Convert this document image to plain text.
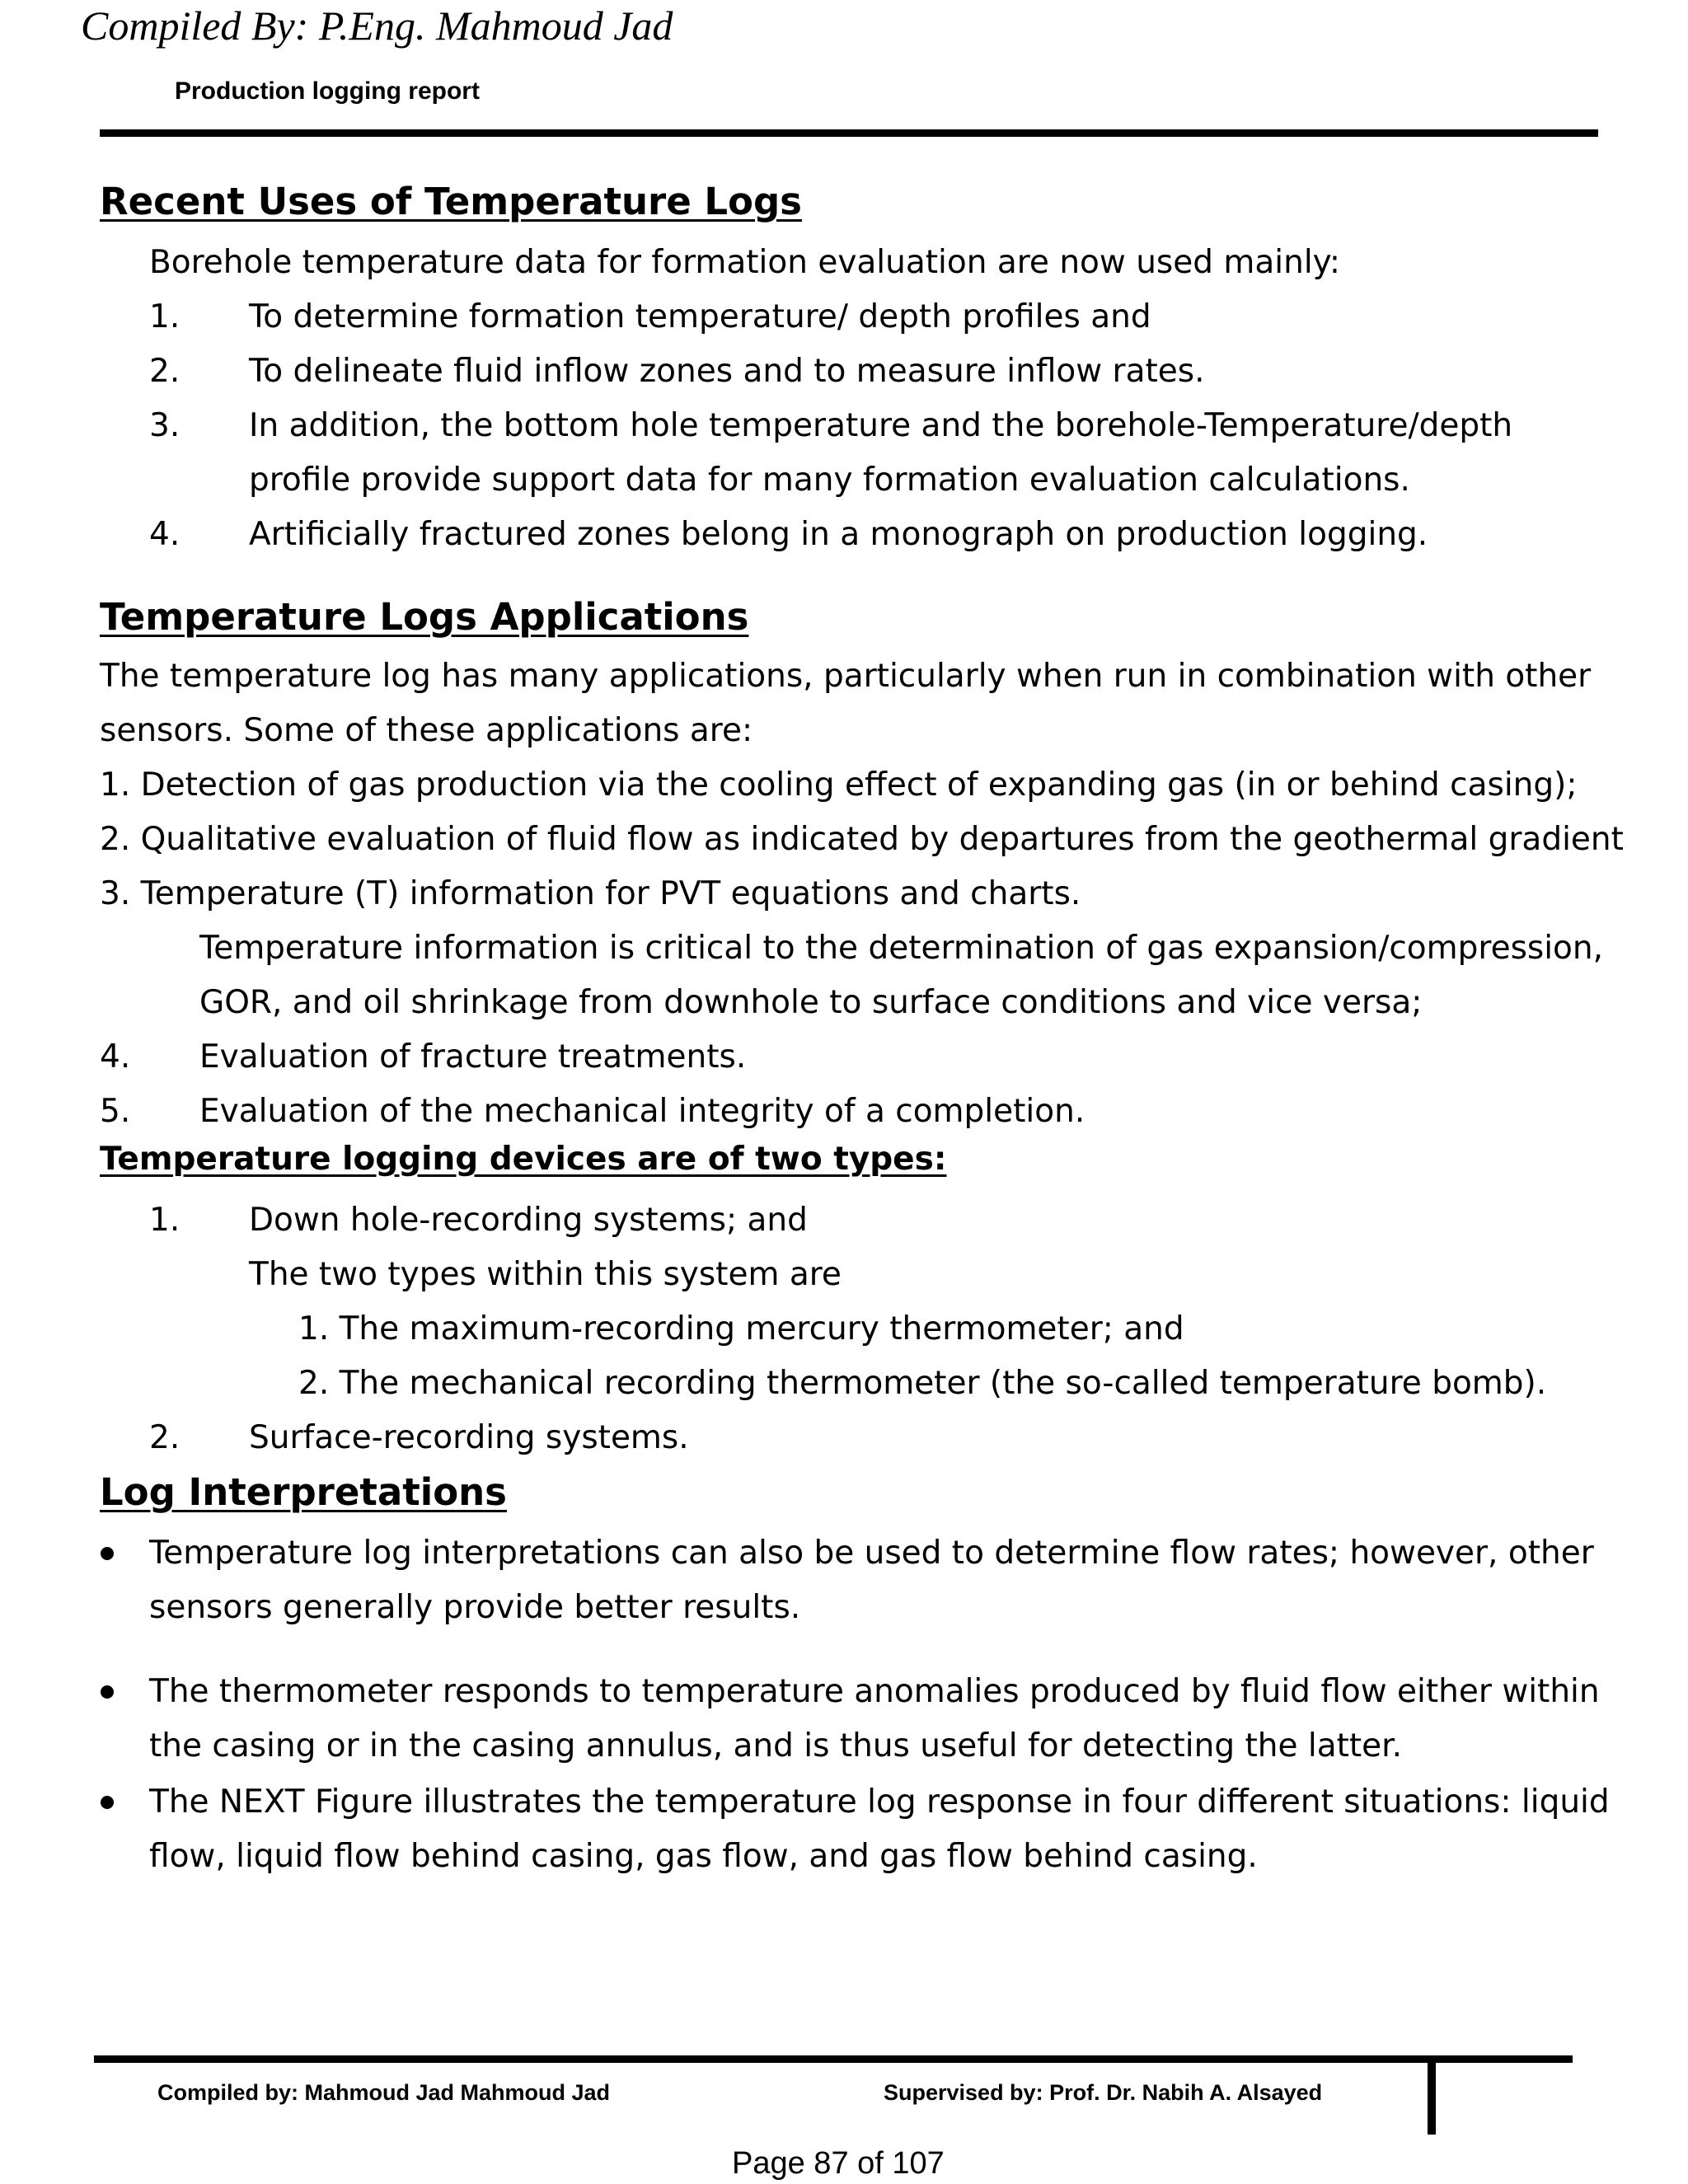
Compiled By: P.Eng. Mahmoud Jad
Production logging report
Recent Uses of Temperature Logs
Borehole temperature data for formation evaluation are now used mainly:
1. To determine formation temperature/ depth profiles and
2. To delineate fluid inflow zones and to measure inflow rates.
3. In addition, the bottom hole temperature and the borehole-Temperature/depth
profile provide support data for many formation evaluation calculations.
4. Artificially fractured zones belong in a monograph on production logging.
Temperature Logs Applications
The temperature log has many applications, particularly when run in combination with other
sensors. Some of these applications are:
1. Detection of gas production via the cooling effect of expanding gas (in or behind casing);
2. Qualitative evaluation of fluid flow as indicated by departures from the geothermal gradient
3. Temperature (T) information for PVT equations and charts.
Temperature information is critical to the determination of gas expansion/compression,
GOR, and oil shrinkage from downhole to surface conditions and vice versa;
4. Evaluation of fracture treatments.
5. Evaluation of the mechanical integrity of a completion.
Temperature logging devices are of two types:
1. Down hole-recording systems; and
The two types within this system are
1. The maximum-recording mercury thermometer; and
2. The mechanical recording thermometer (the so-called temperature bomb).
2. Surface-recording systems.
Log Interpretations
Temperature log interpretations can also be used to determine flow rates; however, other
sensors generally provide better results.
The thermometer responds to temperature anomalies produced by fluid flow either within
the casing or in the casing annulus, and is thus useful for detecting the latter.
The NEXT Figure illustrates the temperature log response in four different situations: liquid
flow, liquid flow behind casing, gas flow, and gas flow behind casing.
Compiled by: Mahmoud Jad Mahmoud Jad	Supervised by: Prof. Dr. Nabih A. Alsayed
Page 87 of 107
